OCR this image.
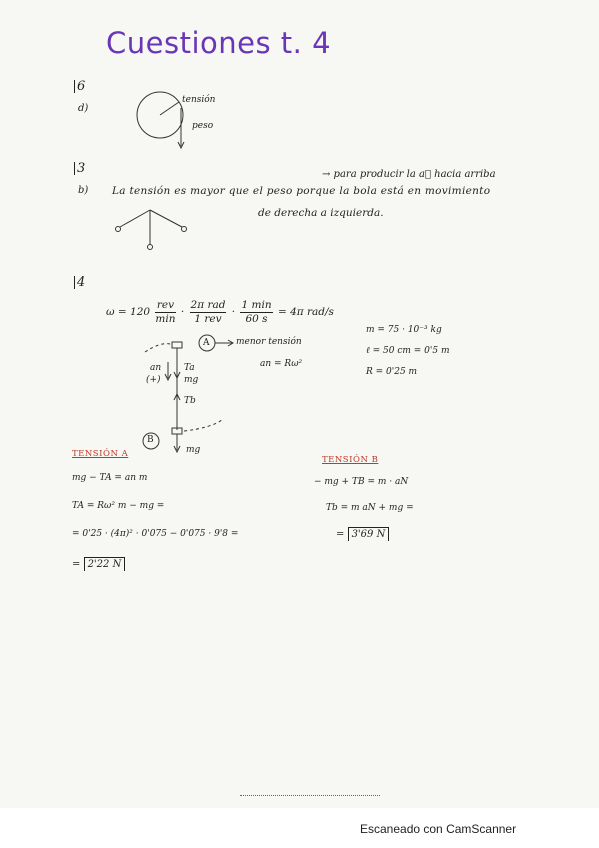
Cuestiones t. 4
6
d)
tensión
peso
3	→ para producir la a⃗ hacia arriba
b) La tensión es mayor que el peso porque la bola está en movimiento
de derecha a izquierda.
4
$\omega = 120 \frac{\text{rev}}{\min} \cdot \frac{\text{2π rad}}{\text{1 rev}} \cdot \frac{1 \min}{60 s} = 4\pi$ rad/s
A
B
menor tensión
an
(+)
Ta
mg
Tb
mg
an = Rω²
m = 75 · 10⁻³ kg
ℓ = 50 cm = 0'5 m
R = 0'25 m
TENSIÓN A
mg − TA = an m
TA = Rω² m − mg =
= 0'25 · (4π)² · 0'075 − 0'075 · 9'8 =
= 2'22 N
TENSIÓN B
− mg + TB = m · aN
Tb = m aN + mg =
= 3'69 N
Escaneado con CamScanner
